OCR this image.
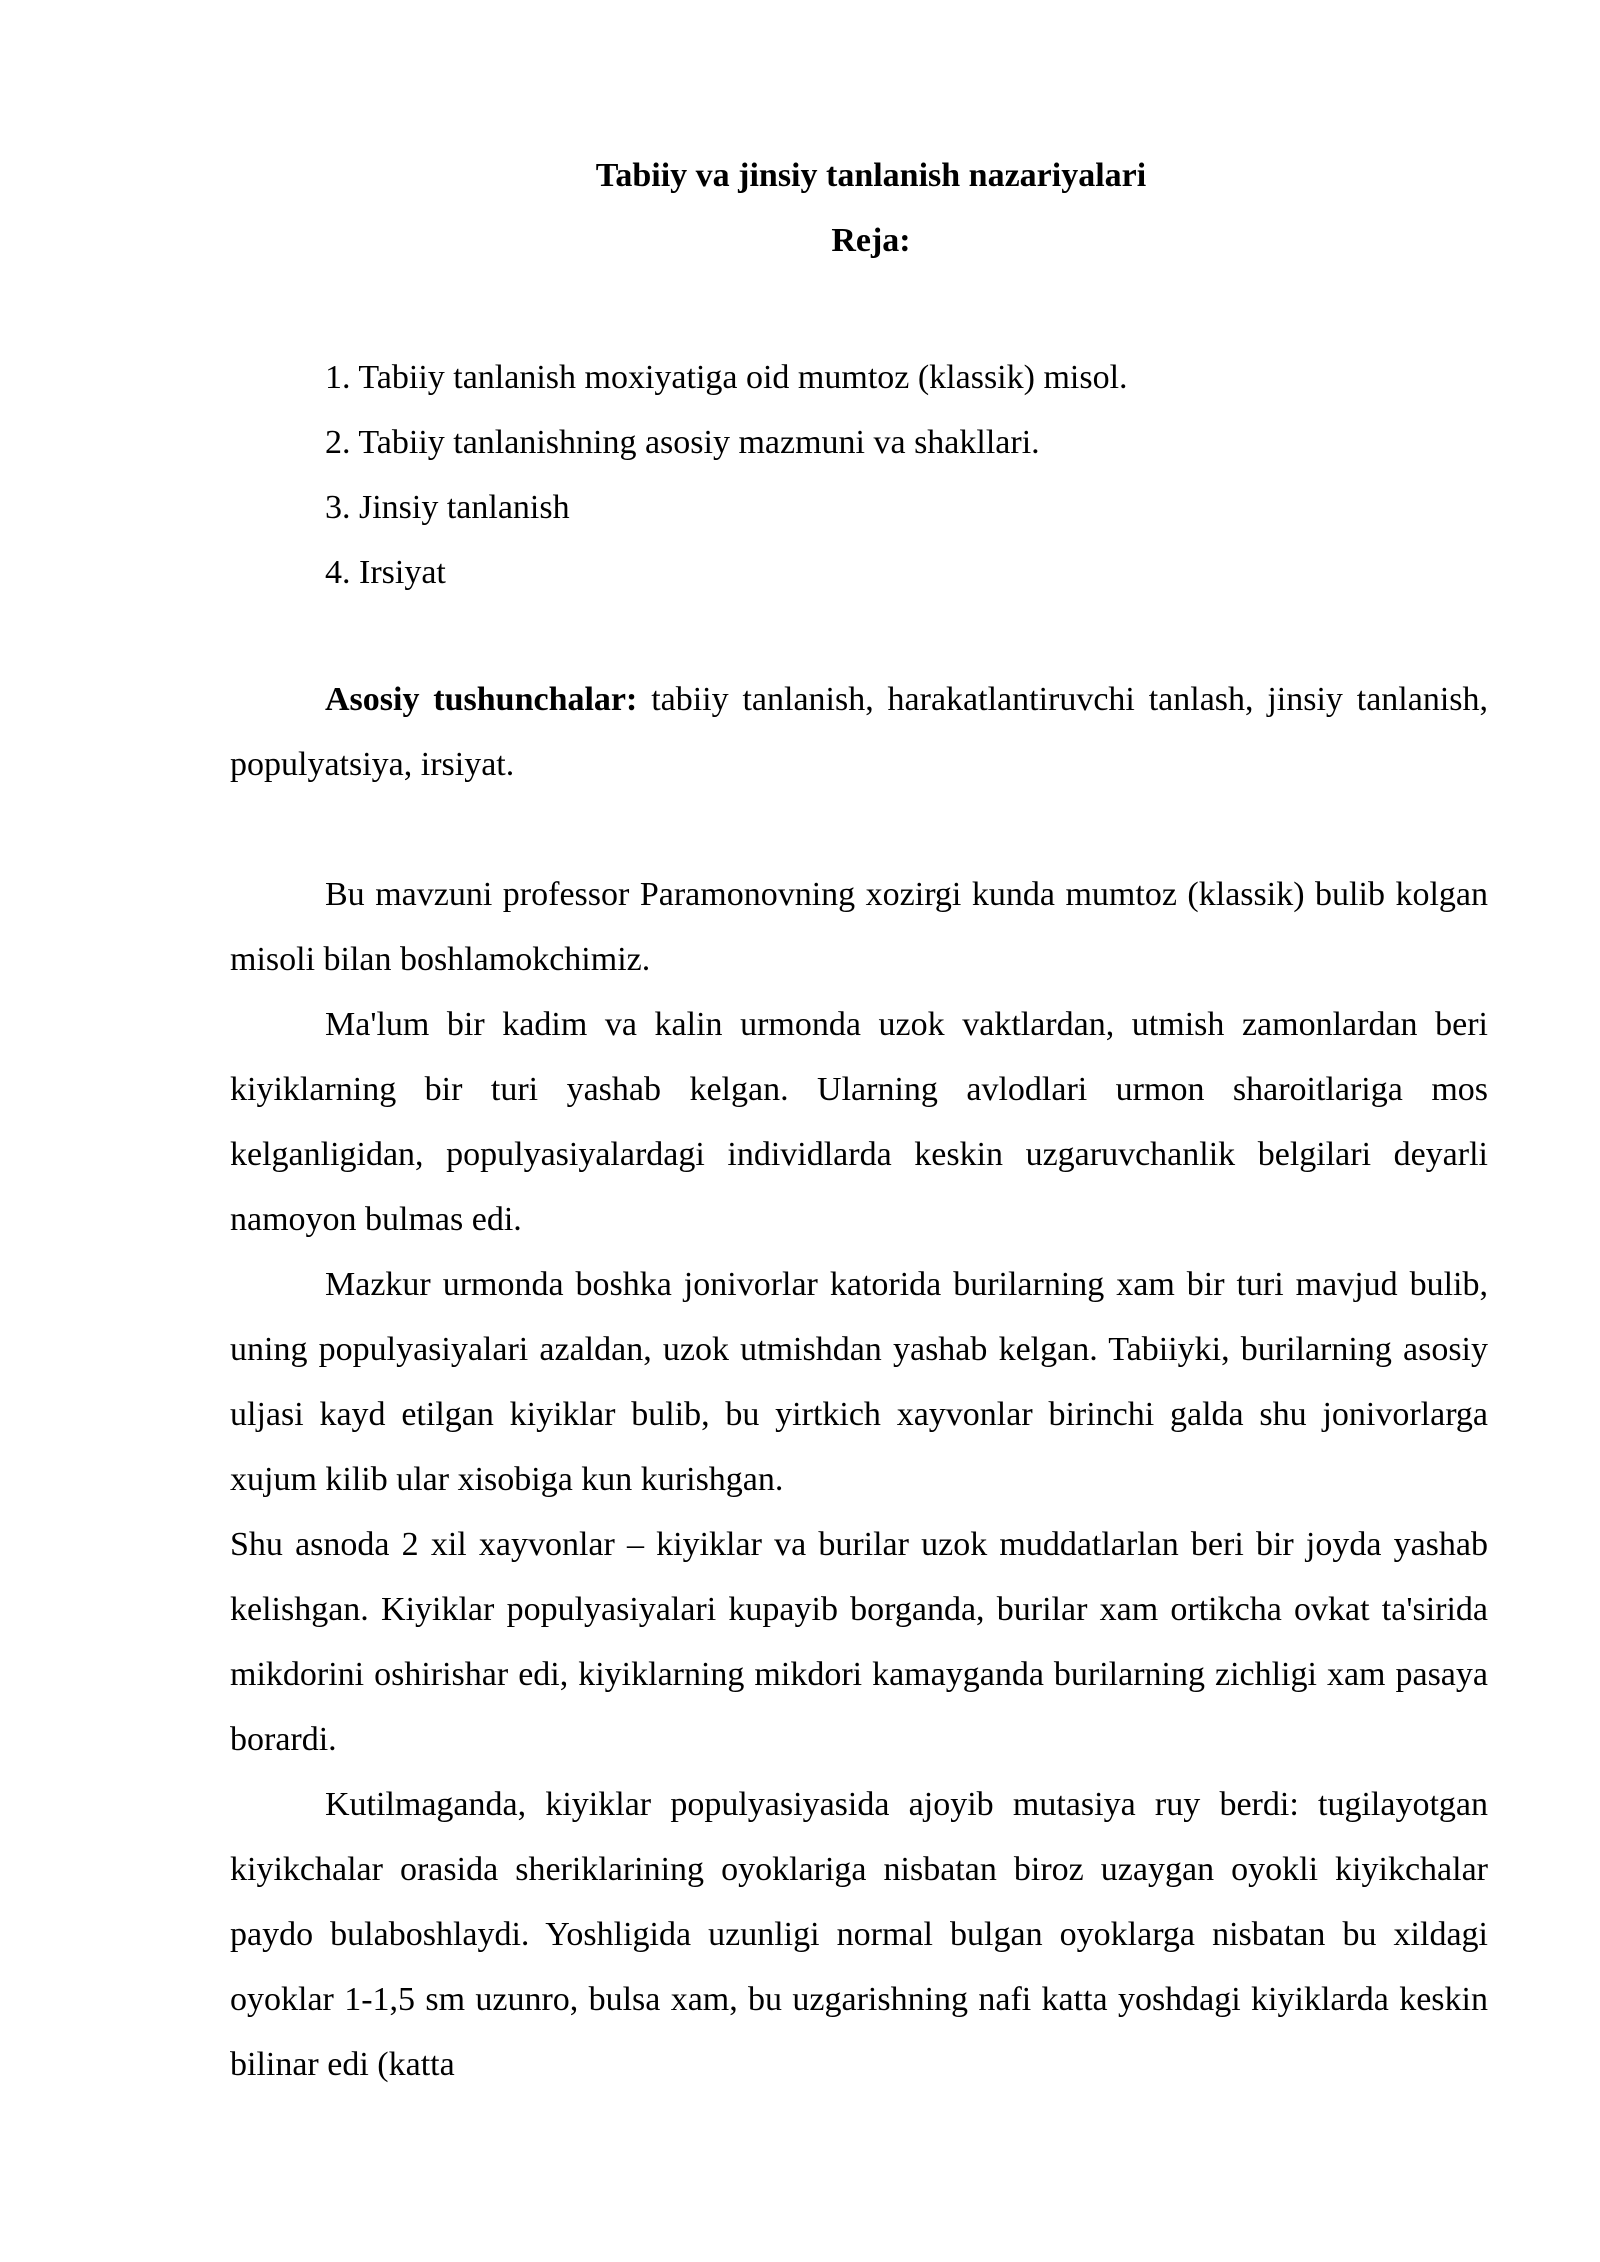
Tabiiy va jinsiy tanlanish nazariyalari
Reja:
1. Tabiiy tanlanish moxiyatiga oid mumtoz (klassik) misol.
2. Tabiiy tanlanishning asosiy mazmuni va shakllari.
3. Jinsiy tanlanish
4. Irsiyat

Asosiy tushunchalar: tabiiy tanlanish, harakatlantiruvchi tanlash, jinsiy tanlanish, populyatsiya, irsiyat.

Bu mavzuni professor Paramonovning xozirgi kunda mumtoz (klassik) bulib kolgan misoli bilan boshlamokchimiz.

Ma'lum bir kadim va kalin urmonda uzok vaktlardan, utmish zamonlardan beri kiyiklarning bir turi yashab kelgan. Ularning avlodlari urmon sharoitlariga mos kelganligidan, populyasiyalardagi individlarda keskin uzgaruvchanlik belgilari deyarli namoyon bulmas edi.

Mazkur urmonda boshka jonivorlar katorida burilarning xam bir turi mavjud bulib, uning populyasiyalari azaldan, uzok utmishdan yashab kelgan. Tabiiyki, burilarning asosiy uljasi kayd etilgan kiyiklar bulib, bu yirtkich xayvonlar birinchi galda shu jonivorlarga xujum kilib ular xisobiga kun kurishgan.

Shu asnoda 2 xil xayvonlar – kiyiklar va burilar uzok muddatlarlan beri bir joyda yashab kelishgan. Kiyiklar populyasiyalari kupayib borganda, burilar xam ortikcha ovkat ta'sirida mikdorini oshirishar edi, kiyiklarning mikdori kamayganda burilarning zichligi xam pasaya borardi.

Kutilmaganda, kiyiklar populyasiyasida ajoyib mutasiya ruy berdi: tugilayotgan kiyikchalar orasida sheriklarining oyoklariga nisbatan biroz uzaygan oyokli kiyikchalar paydo bulaboshlaydi. Yoshligida uzunligi normal bulgan oyoklarga nisbatan bu xildagi oyoklar 1-1,5 sm uzunro, bulsa xam, bu uzgarishning nafi katta yoshdagi kiyiklarda keskin bilinar edi (katta
